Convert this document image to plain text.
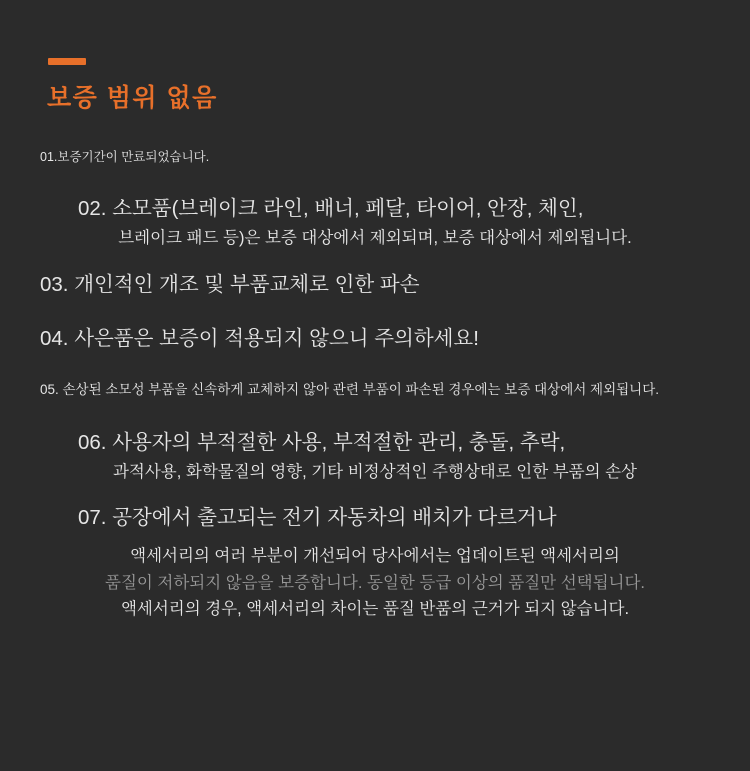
보증 범위 없음

01.보증기간이 만료되었습니다.

02. 소모품(브레이크 라인, 배너, 페달, 타이어, 안장, 체인,

브레이크 패드 등)은 보증 대상에서 제외되며, 보증 대상에서 제외됩니다.

03. 개인적인 개조 및 부품교체로 인한 파손

04. 사은품은 보증이 적용되지 않으니 주의하세요!

05. 손상된 소모성 부품을 신속하게 교체하지 않아 관련 부품이 파손된 경우에는 보증 대상에서 제외됩니다.

06. 사용자의 부적절한 사용, 부적절한 관리, 충돌, 추락,

과적사용, 화학물질의 영향, 기타 비정상적인 주행상태로 인한 부품의 손상

07. 공장에서 출고되는 전기 자동차의 배치가 다르거나

액세서리의 여러 부분이 개선되어 당사에서는 업데이트된 액세서리의

품질이 저하되지 않음을 보증합니다. 동일한 등급 이상의 품질만 선택됩니다.

액세서리의 경우, 액세서리의 차이는 품질 반품의 근거가 되지 않습니다.
